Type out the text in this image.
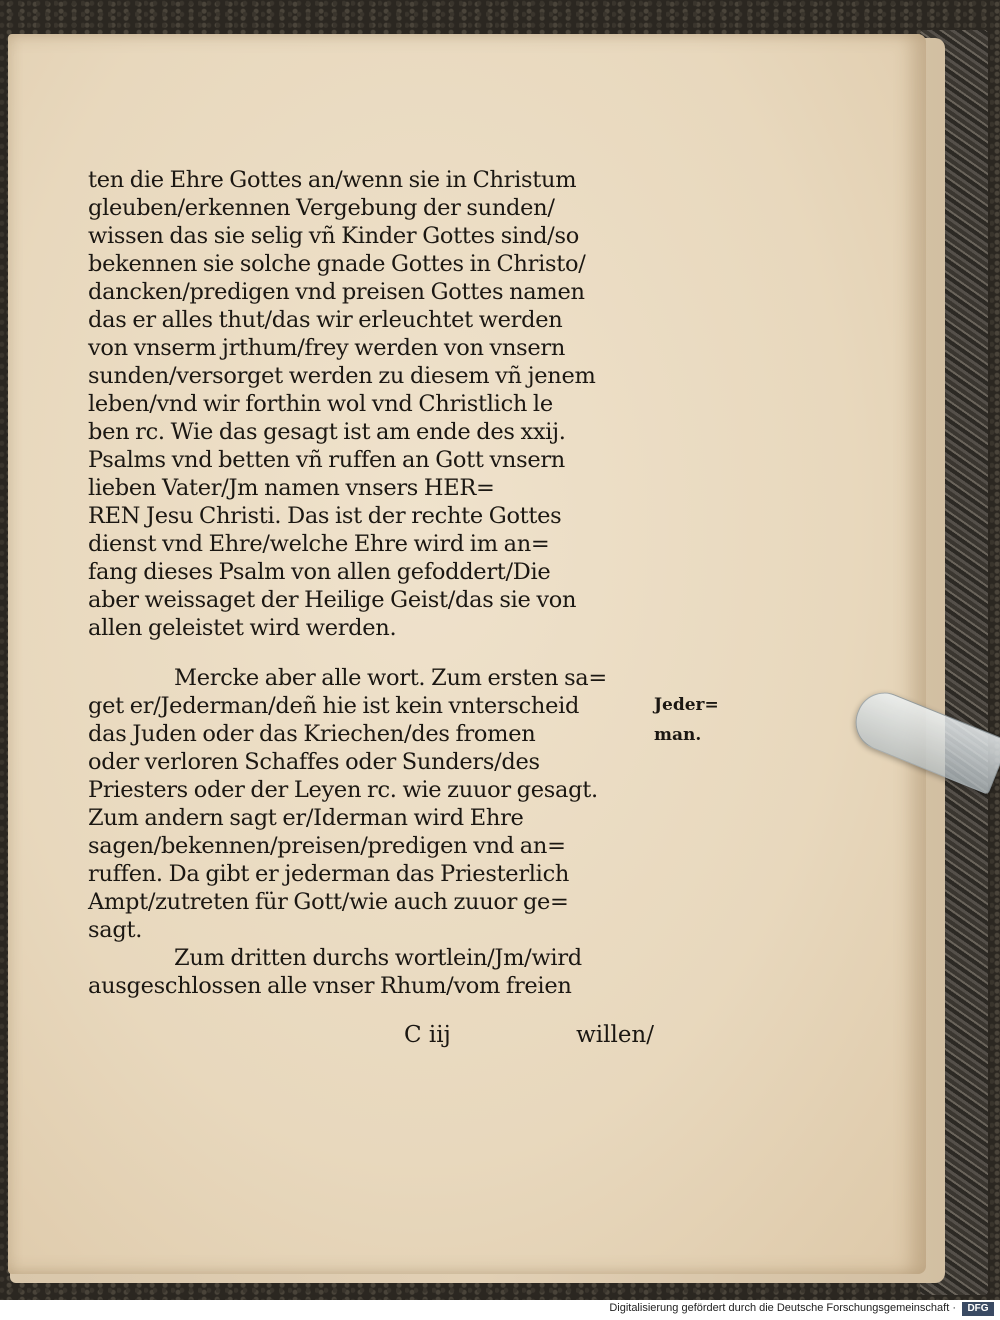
ten die Ehre Gottes an/wenn sie in Christum
gleuben/erkennen Vergebung der sunden/
wissen das sie selig vñ Kinder Gottes sind/so
bekennen sie solche gnade Gottes in Christo/
dancken/predigen vnd preisen Gottes namen
das er alles thut/das wir erleuchtet werden
von vnserm jrthum/frey werden von vnsern
sunden/versorget werden zu diesem vñ jenem
leben/vnd wir forthin wol vnd Christlich le
ben rc. Wie das gesagt ist am ende des xxij.
Psalms vnd betten vñ ruffen an Gott vnsern
lieben Vater/Jm namen vnsers HER=
REN Jesu Christi. Das ist der rechte Gottes
dienst vnd Ehre/welche Ehre wird im an=
fang dieses Psalm von allen gefoddert/Die
aber weissaget der Heilige Geist/das sie von
allen geleistet wird werden.
Mercke aber alle wort. Zum ersten sa=
get er/Jederman/deñ hie ist kein vnterscheid
das Juden oder das Kriechen/des fromen
oder verloren Schaffes oder Sunders/des
Priesters oder der Leyen rc. wie zuuor gesagt.
Zum andern sagt er/Iderman wird Ehre
sagen/bekennen/preisen/predigen vnd an=
ruffen. Da gibt er jederman das Priesterlich
Ampt/zutreten für Gott/wie auch zuuor ge=
sagt.
Zum dritten durchs wortlein/Jm/wird
ausgeschlossen alle vnser Rhum/vom freien
C iij	willen/
Jeder=
man.
Digitalisierung gefördert durch die Deutsche Forschungsgemeinschaft ·	DFG
